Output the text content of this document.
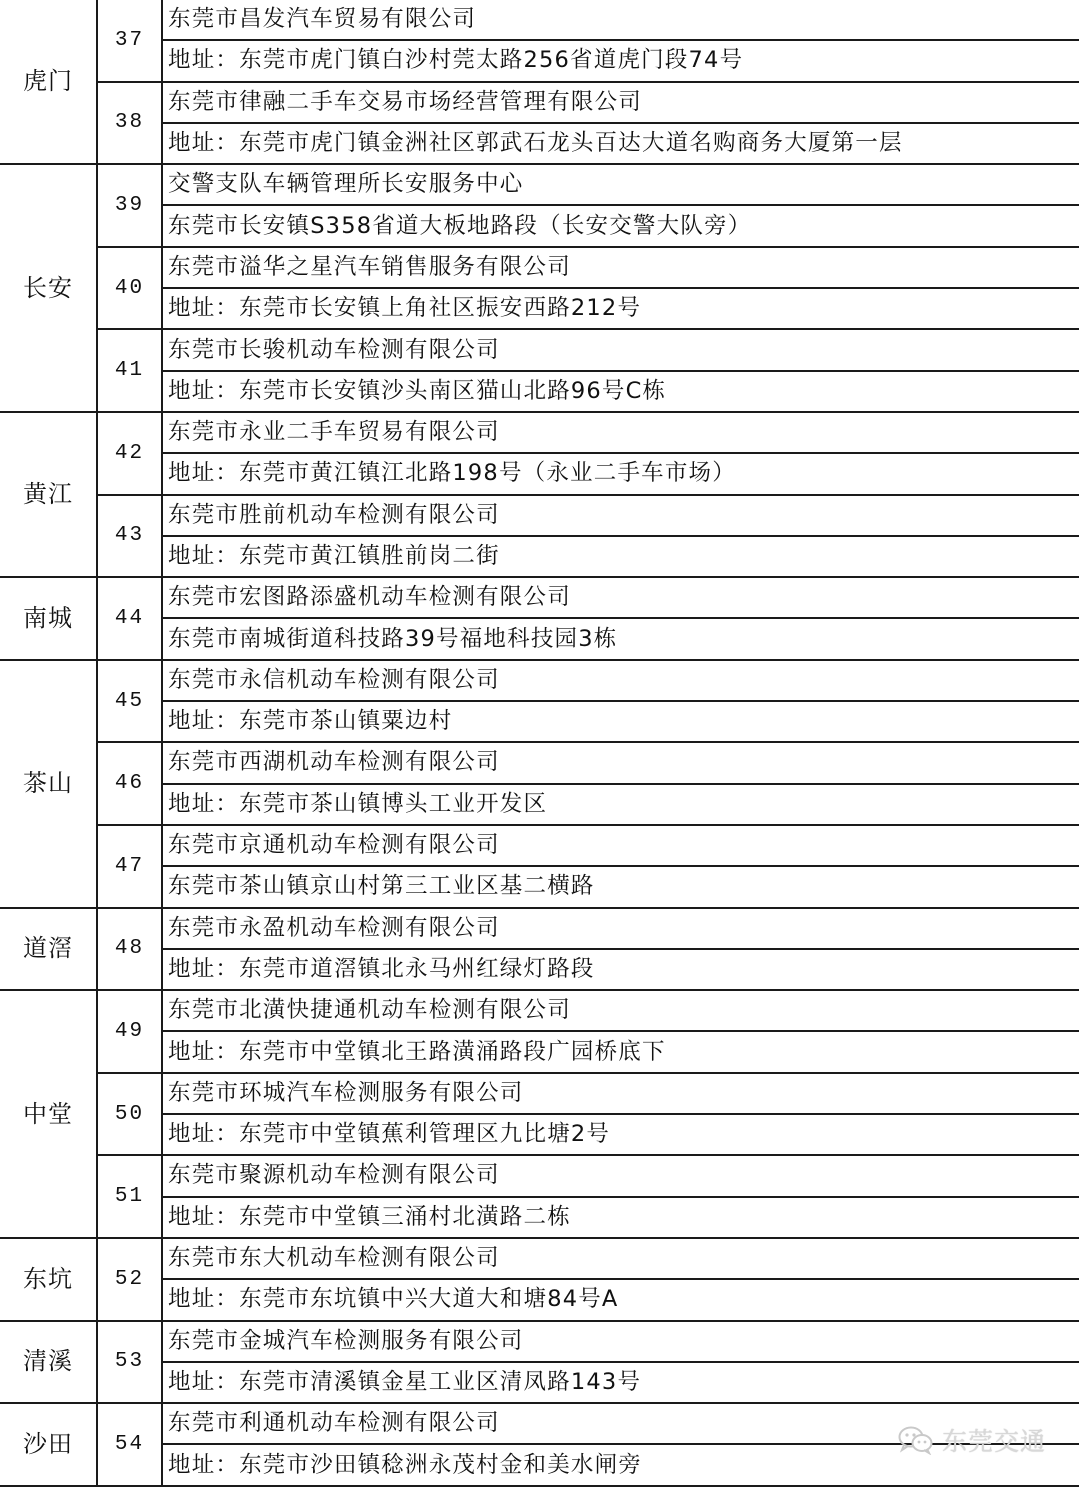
虎门	37	东莞市昌发汽车贸易有限公司
		地址：东莞市虎门镇白沙村莞太路256省道虎门段74号
	38	东莞市律融二手车交易市场经营管理有限公司
		地址：东莞市虎门镇金洲社区郭武石龙头百达大道名购商务大厦第一层
长安	39	交警支队车辆管理所长安服务中心
		东莞市长安镇S358省道大板地路段（长安交警大队旁）
	40	东莞市溢华之星汽车销售服务有限公司
		地址：东莞市长安镇上角社区振安西路212号
	41	东莞市长骏机动车检测有限公司
		地址：东莞市长安镇沙头南区猫山北路96号C栋
黄江	42	东莞市永业二手车贸易有限公司
		地址：东莞市黄江镇江北路198号（永业二手车市场）
	43	东莞市胜前机动车检测有限公司
		地址：东莞市黄江镇胜前岗二街
南城	44	东莞市宏图路添盛机动车检测有限公司
		东莞市南城街道科技路39号福地科技园3栋
茶山	45	东莞市永信机动车检测有限公司
		地址：东莞市茶山镇粟边村
	46	东莞市西湖机动车检测有限公司
		地址：东莞市茶山镇博头工业开发区
	47	东莞市京通机动车检测有限公司
		东莞市茶山镇京山村第三工业区基二横路
道滘	48	东莞市永盈机动车检测有限公司
		地址：东莞市道滘镇北永马州红绿灯路段
中堂	49	东莞市北潢快捷通机动车检测有限公司
		地址：东莞市中堂镇北王路潢涌路段广园桥底下
	50	东莞市环城汽车检测服务有限公司
		地址：东莞市中堂镇蕉利管理区九比塘2号
	51	东莞市聚源机动车检测有限公司
		地址：东莞市中堂镇三涌村北潢路二栋
东坑	52	东莞市东大机动车检测有限公司
		地址：东莞市东坑镇中兴大道大和塘84号A
清溪	53	东莞市金城汽车检测服务有限公司
		地址：东莞市清溪镇金星工业区清凤路143号
沙田	54	东莞市利通机动车检测有限公司
		地址：东莞市沙田镇稔洲永茂村金和美水闸旁
东莞交通
